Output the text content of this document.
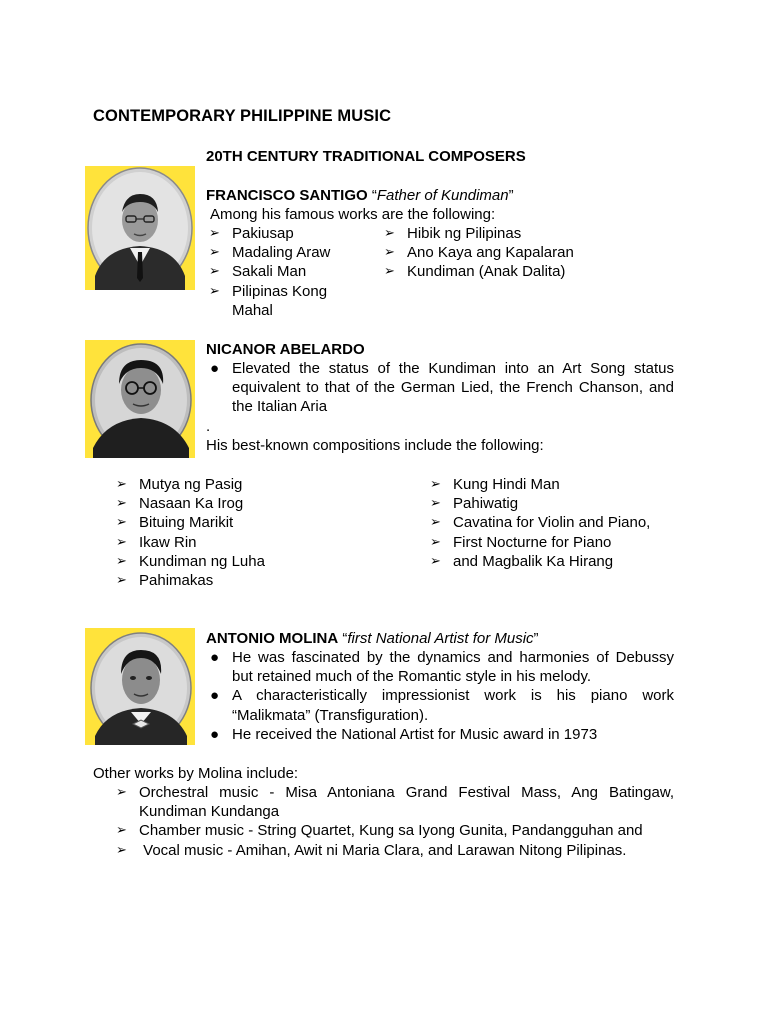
CONTEMPORARY PHILIPPINE MUSIC
20TH CENTURY TRADITIONAL COMPOSERS
FRANCISCO SANTIGO “Father of Kundiman”
Among his famous works are the following:
➢ Pakiusap
➢ Madaling Araw
➢ Sakali Man
➢ Pilipinas Kong Mahal
➢ Hibik ng Pilipinas
➢ Ano Kaya ang Kapalaran
➢ Kundiman (Anak Dalita)
NICANOR ABELARDO
● Elevated the status of the Kundiman into an Art Song status equivalent to that of the German Lied, the French Chanson, and the Italian Aria
.
His best-known compositions include the following:
➢ Mutya ng Pasig
➢ Nasaan Ka Irog
➢ Bituing Marikit
➢ Ikaw Rin
➢ Kundiman ng Luha
➢ Pahimakas
➢ Kung Hindi Man
➢ Pahiwatig
➢ Cavatina for Violin and Piano,
➢ First Nocturne for Piano
➢ and Magbalik Ka Hirang
ANTONIO MOLINA “first National Artist for Music”
● He was fascinated by the dynamics and harmonies of Debussy but retained much of the Romantic style in his melody.
● A characteristically impressionist work is his piano work “Malikmata” (Transfiguration).
● He received the National Artist for Music award in 1973
Other works by Molina include:
➢ Orchestral music - Misa Antoniana Grand Festival Mass, Ang Batingaw, Kundiman Kundanga
➢ Chamber music - String Quartet, Kung sa Iyong Gunita, Pandangguhan and
➢ Vocal music - Amihan, Awit ni Maria Clara, and Larawan Nitong Pilipinas.
